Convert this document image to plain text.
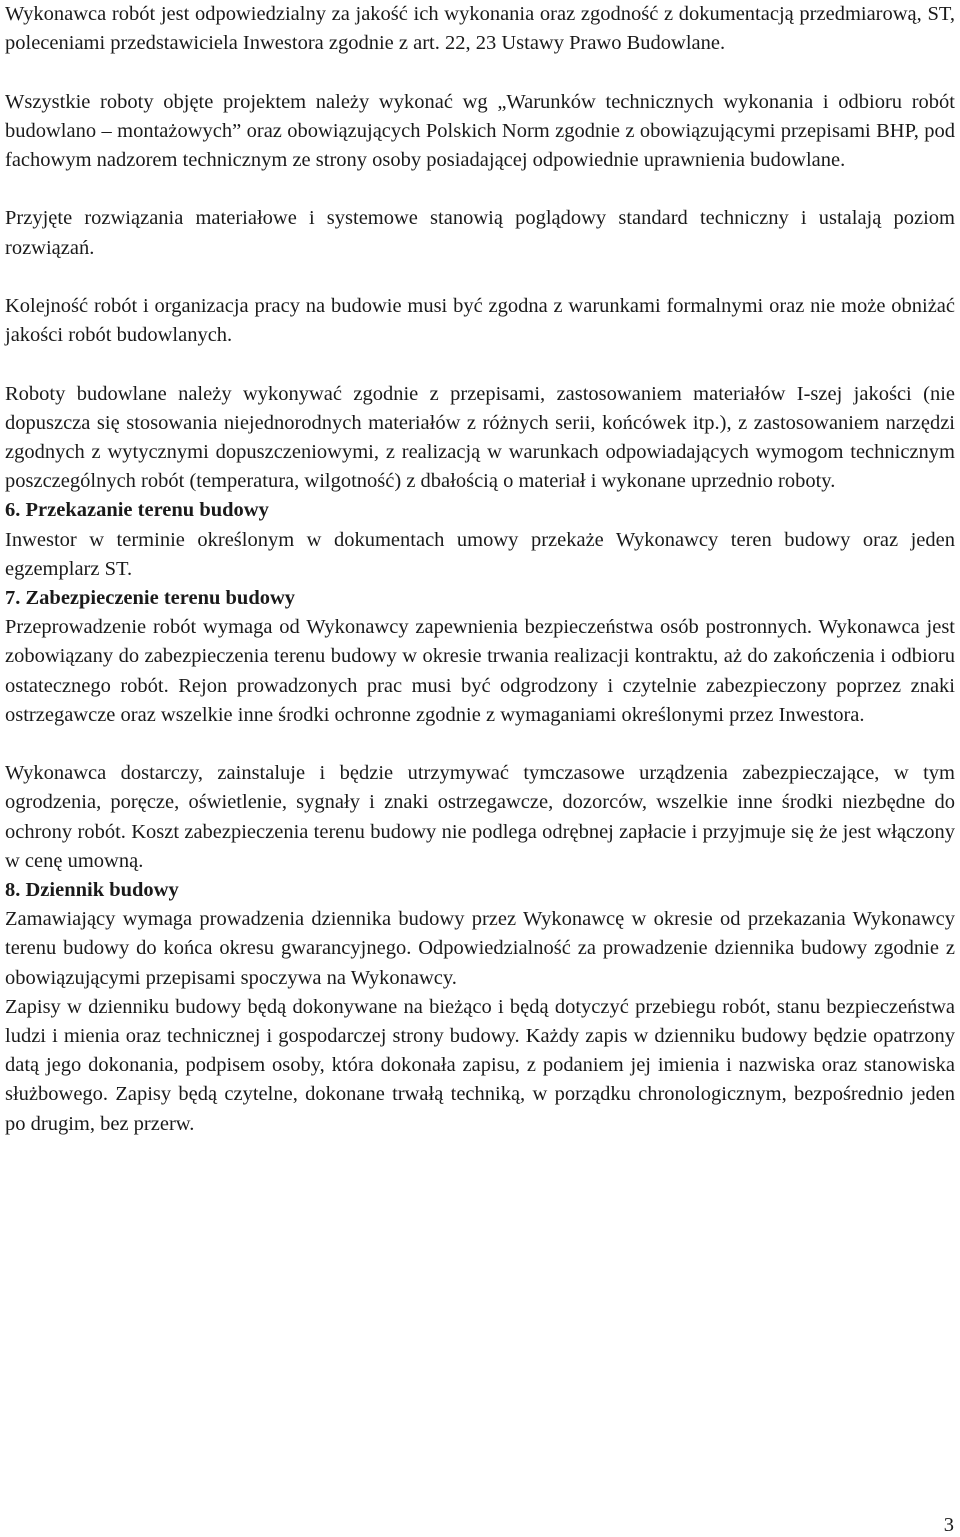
Wykonawca robót jest odpowiedzialny za jakość ich wykonania oraz zgodność z dokumentacją przedmiarową, ST, poleceniami przedstawiciela Inwestora zgodnie z art. 22, 23 Ustawy Prawo Budowlane.

Wszystkie roboty objęte projektem należy wykonać wg „Warunków technicznych wykonania i odbioru robót budowlano – montażowych” oraz obowiązujących Polskich Norm zgodnie z obowiązującymi przepisami BHP, pod fachowym nadzorem technicznym ze strony osoby posiadającej odpowiednie uprawnienia budowlane.

Przyjęte rozwiązania materiałowe i systemowe stanowią poglądowy standard techniczny i ustalają poziom rozwiązań.

Kolejność robót i organizacja pracy na budowie musi być zgodna z warunkami formalnymi oraz nie może obniżać jakości robót budowlanych.

Roboty budowlane należy wykonywać zgodnie z przepisami, zastosowaniem materiałów I-szej jakości (nie dopuszcza się stosowania niejednorodnych materiałów z różnych serii, końcówek itp.), z zastosowaniem narzędzi zgodnych z wytycznymi dopuszczeniowymi, z realizacją w warunkach odpowiadających wymogom technicznym poszczególnych robót (temperatura, wilgotność) z dbałością o materiał i wykonane uprzednio roboty.

6. Przekazanie terenu budowy

Inwestor w terminie określonym w dokumentach umowy przekaże Wykonawcy teren budowy oraz jeden egzemplarz ST.

7. Zabezpieczenie terenu budowy

Przeprowadzenie robót wymaga od Wykonawcy zapewnienia bezpieczeństwa osób postronnych. Wykonawca jest zobowiązany do zabezpieczenia terenu budowy w okresie trwania realizacji kontraktu, aż do zakończenia i odbioru ostatecznego robót. Rejon prowadzonych prac musi być odgrodzony i czytelnie zabezpieczony poprzez znaki ostrzegawcze oraz wszelkie inne środki ochronne zgodnie z wymaganiami określonymi przez Inwestora.

Wykonawca dostarczy, zainstaluje i będzie utrzymywać tymczasowe urządzenia zabezpieczające, w tym ogrodzenia, poręcze, oświetlenie, sygnały i znaki ostrzegawcze, dozorców, wszelkie inne środki niezbędne do ochrony robót. Koszt zabezpieczenia terenu budowy nie podlega odrębnej zapłacie i przyjmuje się że jest włączony w cenę umowną.

8. Dziennik budowy

Zamawiający wymaga prowadzenia dziennika budowy przez Wykonawcę w okresie od przekazania Wykonawcy terenu budowy do końca okresu gwarancyjnego. Odpowiedzialność za prowadzenie dziennika budowy zgodnie z obowiązującymi przepisami spoczywa na Wykonawcy.

Zapisy w dzienniku budowy będą dokonywane na bieżąco i będą dotyczyć przebiegu robót, stanu bezpieczeństwa ludzi i mienia oraz technicznej i gospodarczej strony budowy. Każdy zapis w dzienniku budowy będzie opatrzony datą jego dokonania, podpisem osoby, która dokonała zapisu, z podaniem jej imienia i nazwiska oraz stanowiska służbowego. Zapisy będą czytelne, dokonane trwałą techniką, w porządku chronologicznym, bezpośrednio jeden po drugim, bez przerw.

3
